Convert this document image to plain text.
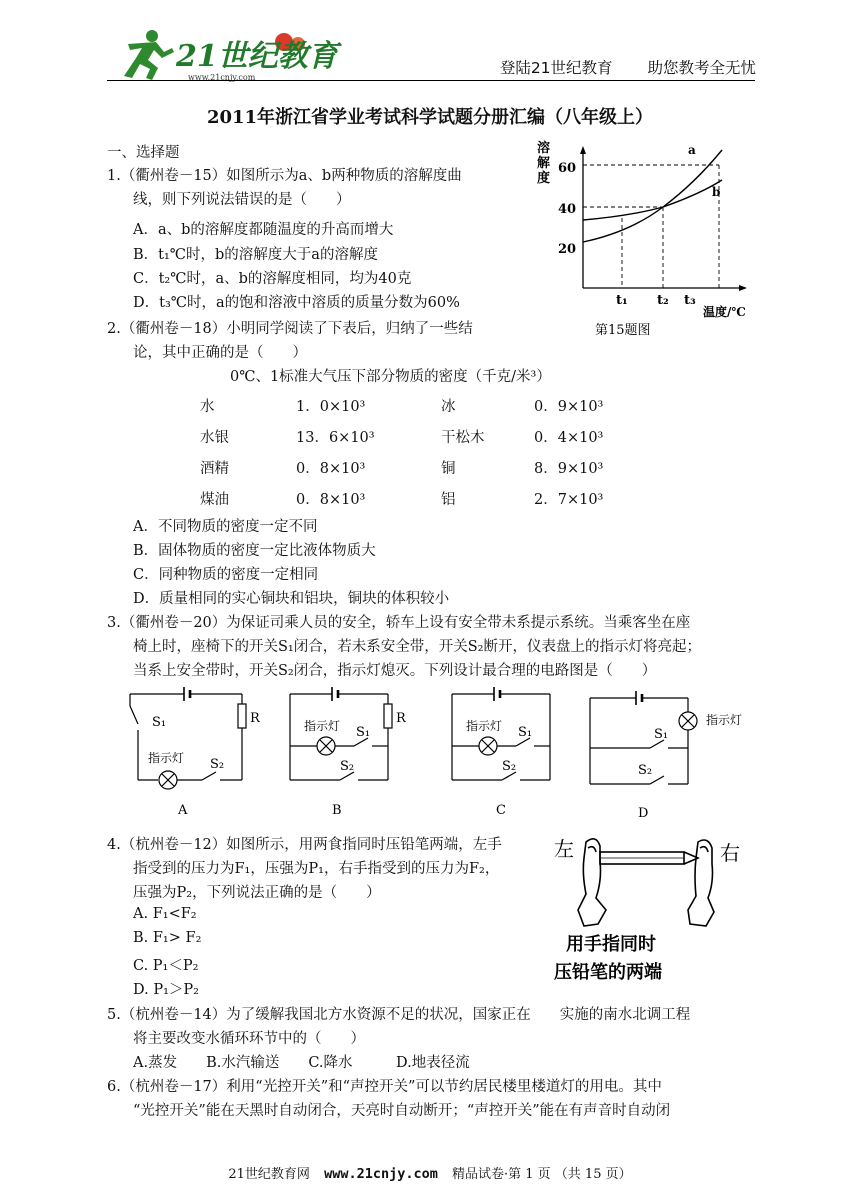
21世纪教育
www.21cnjy.com
登陆21世纪教育 助您教考全无忧
2011年浙江省学业考试科学试题分册汇编（八年级上）
一、选择题
1.（衢州卷－15）如图所示为a、b两种物质的溶解度曲
线，则下列说法错误的是（　　）
A．a、b的溶解度都随温度的升高而增大
B．t₁℃时，b的溶解度大于a的溶解度
C．t₂℃时，a、b的溶解度相同，均为40克
D．t₃℃时，a的饱和溶液中溶质的质量分数为60%
溶
解
度
60
40
20
a
b
t₁ t₂ t₃
温度/℃
第15题图
2.（衢州卷－18）小明同学阅读了下表后，归纳了一些结
论，其中正确的是（　　）
0℃、1标准大气压下部分物质的密度（千克/米³）
水	1．0×10³	冰	0．9×10³
水银	13．6×10³	干松木	0．4×10³
酒精	0．8×10³	铜	8．9×10³
煤油	0．8×10³	铝	2．7×10³
A．不同物质的密度一定不同
B．固体物质的密度一定比液体物质大
C．同种物质的密度一定相同
D．质量相同的实心铜块和铝块，铜块的体积较小
3.（衢州卷－20）为保证司乘人员的安全，轿车上设有安全带未系提示系统。当乘客坐在座
椅上时，座椅下的开关S₁闭合，若未系安全带，开关S₂断开，仪表盘上的指示灯将亮起；
当系上安全带时，开关S₂闭合，指示灯熄灭。下列设计最合理的电路图是（　　）
S₁	R
指示灯 S₂
A
指示灯 S₁
R
S₂
B
指示灯 S₁
S₂
C
指示灯
S₁
S₂
D
4.（杭州卷－12）如图所示，用两食指同时压铅笔两端，左手
指受到的压力为F₁，压强为P₁，右手指受到的压力为F₂，
压强为P₂，下列说法正确的是（　　）
A. F₁<F₂
B. F₁> F₂
C. P₁＜P₂
D. P₁＞P₂
左	右
用手指同时
压铅笔的两端
5.（杭州卷－14）为了缓解我国北方水资源不足的状况，国家正在　　实施的南水北调工程
将主要改变水循环环节中的（　　）
A.蒸发　　B.水汽输送　　C.降水　　　D.地表径流
6.（杭州卷－17）利用“光控开关”和“声控开关”可以节约居民楼里楼道灯的用电。其中
“光控开关”能在天黑时自动闭合，天亮时自动断开；“声控开关”能在有声音时自动闭
21世纪教育网 www.21cnjy.com 精品试卷·第 1 页 （共 15 页）
